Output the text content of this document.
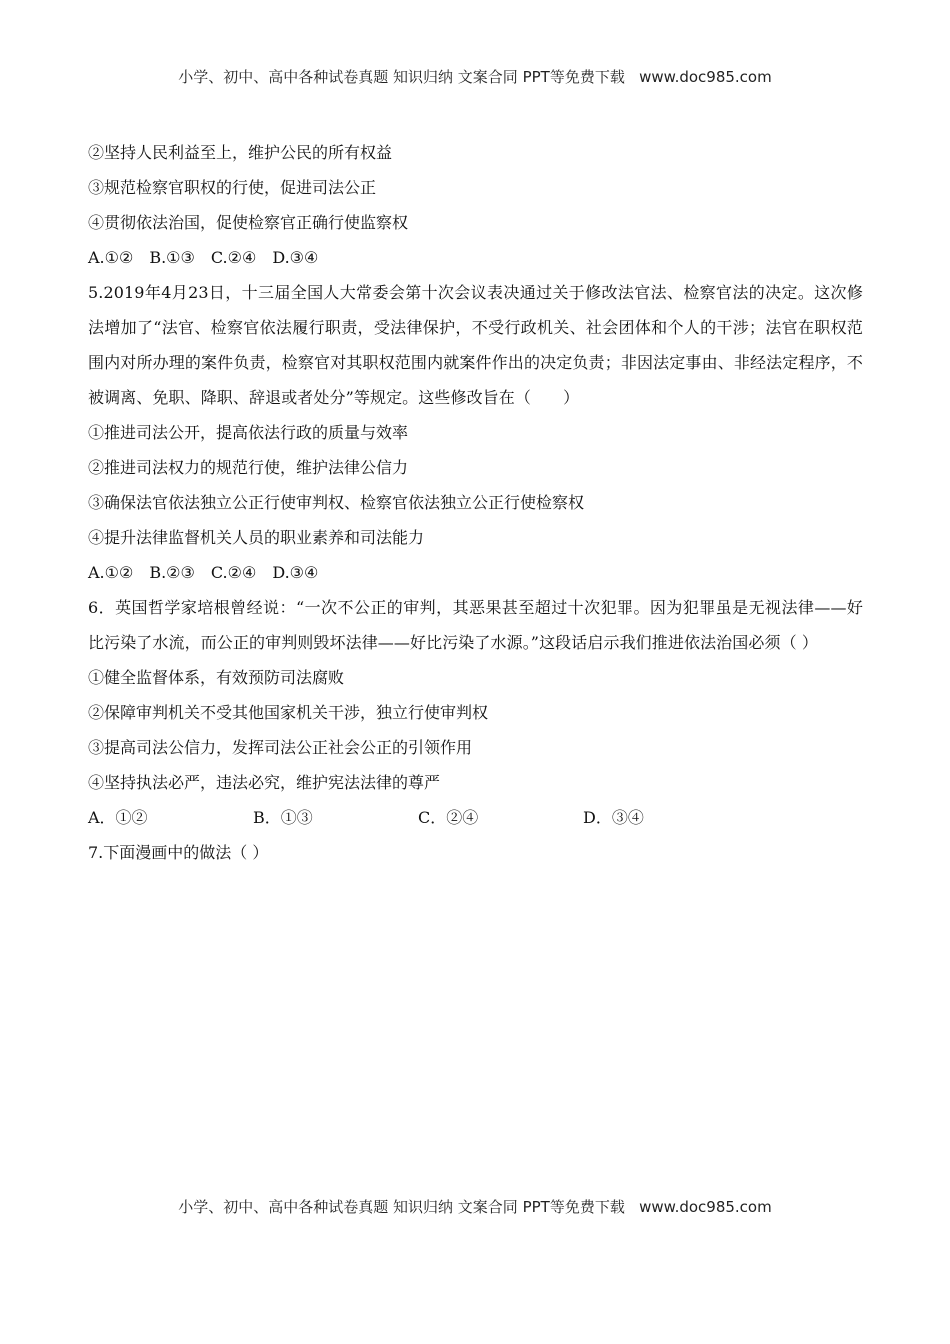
小学、初中、高中各种试卷真题 知识归纳 文案合同 PPT等免费下载 www.doc985.com
②坚持人民利益至上，维护公民的所有权益
③规范检察官职权的行使，促进司法公正
④贯彻依法治国，促使检察官正确行使监察权
A.①② B.①③ C.②④ D.③④
5.2019年4月23日，十三届全国人大常委会第十次会议表决通过关于修改法官法、检察官法的决定。这次修法增加了“法官、检察官依法履行职责，受法律保护，不受行政机关、社会团体和个人的干涉；法官在职权范围内对所办理的案件负责，检察官对其职权范围内就案件作出的决定负责；非因法定事由、非经法定程序，不被调离、免职、降职、辞退或者处分”等规定。这些修改旨在（　　）
①推进司法公开，提高依法行政的质量与效率
②推进司法权力的规范行使，维护法律公信力
③确保法官依法独立公正行使审判权、检察官依法独立公正行使检察权
④提升法律监督机关人员的职业素养和司法能力
A.①② B.②③ C.②④ D.③④
6．英国哲学家培根曾经说：“一次不公正的审判，其恶果甚至超过十次犯罪。因为犯罪虽是无视法律——好比污染了水流，而公正的审判则毁坏法律——好比污染了水源。”这段话启示我们推进依法治国必须（ ）
①健全监督体系，有效预防司法腐败
②保障审判机关不受其他国家机关干涉，独立行使审判权
③提高司法公信力，发挥司法公正社会公正的引领作用
④坚持执法必严，违法必究，维护宪法法律的尊严
A．①②	B．①③	C．②④	D．③④
7.下面漫画中的做法（ ）
小学、初中、高中各种试卷真题 知识归纳 文案合同 PPT等免费下载 www.doc985.com
